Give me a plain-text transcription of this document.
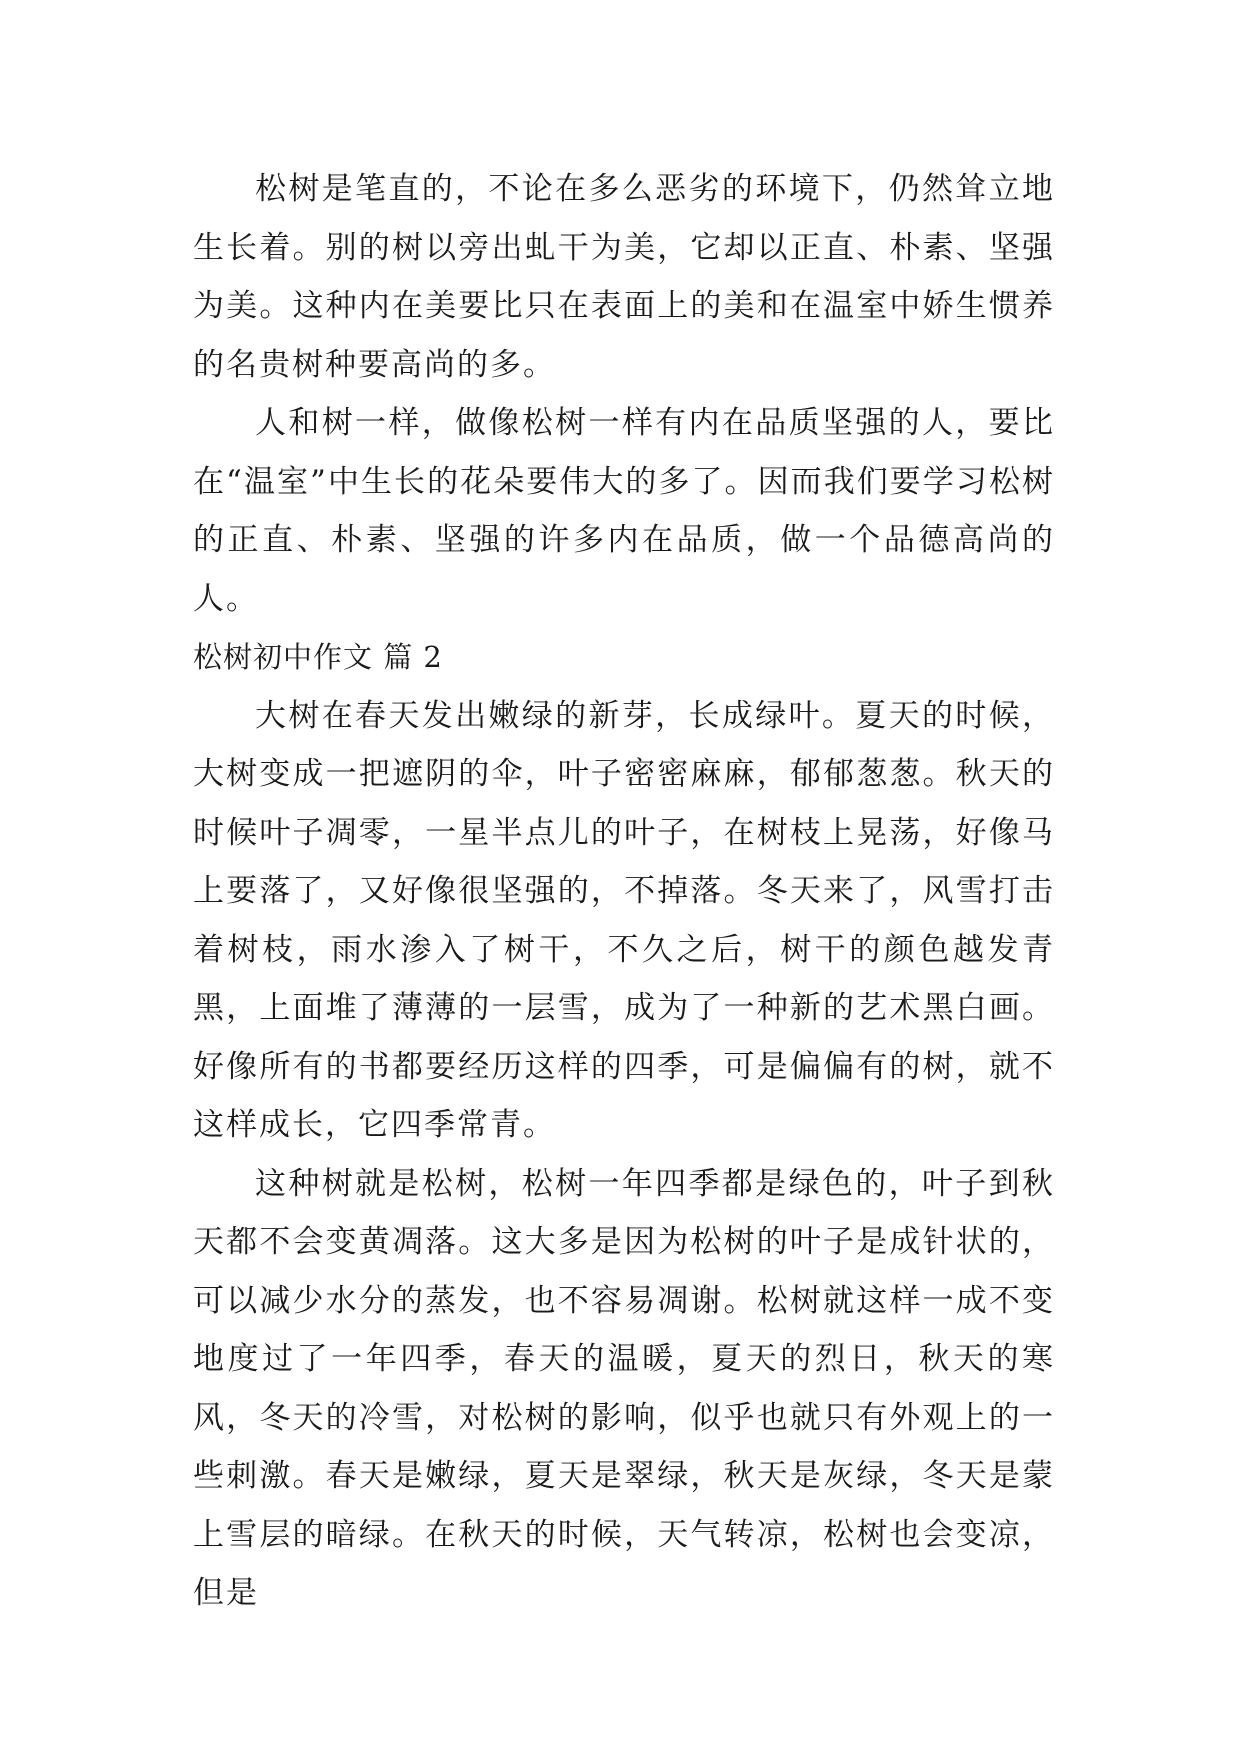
松树是笔直的，不论在多么恶劣的环境下，仍然耸立地生长着。别的树以旁出虬干为美，它却以正直、朴素、坚强为美。这种内在美要比只在表面上的美和在温室中娇生惯养的名贵树种要高尚的多。

人和树一样，做像松树一样有内在品质坚强的人，要比在“温室”中生长的花朵要伟大的多了。因而我们要学习松树的正直、朴素、坚强的许多内在品质，做一个品德高尚的人。

松树初中作文 篇 2

大树在春天发出嫩绿的新芽，长成绿叶。夏天的时候，大树变成一把遮阴的伞，叶子密密麻麻，郁郁葱葱。秋天的时候叶子凋零，一星半点儿的叶子，在树枝上晃荡，好像马上要落了，又好像很坚强的，不掉落。冬天来了，风雪打击着树枝，雨水渗入了树干，不久之后，树干的颜色越发青黑，上面堆了薄薄的一层雪，成为了一种新的艺术黑白画。好像所有的书都要经历这样的四季，可是偏偏有的树，就不这样成长，它四季常青。

这种树就是松树，松树一年四季都是绿色的，叶子到秋天都不会变黄凋落。这大多是因为松树的叶子是成针状的，可以减少水分的蒸发，也不容易凋谢。松树就这样一成不变地度过了一年四季，春天的温暖，夏天的烈日，秋天的寒风，冬天的冷雪，对松树的影响，似乎也就只有外观上的一些刺激。春天是嫩绿，夏天是翠绿，秋天是灰绿，冬天是蒙上雪层的暗绿。在秋天的时候，天气转凉，松树也会变凉，但是
